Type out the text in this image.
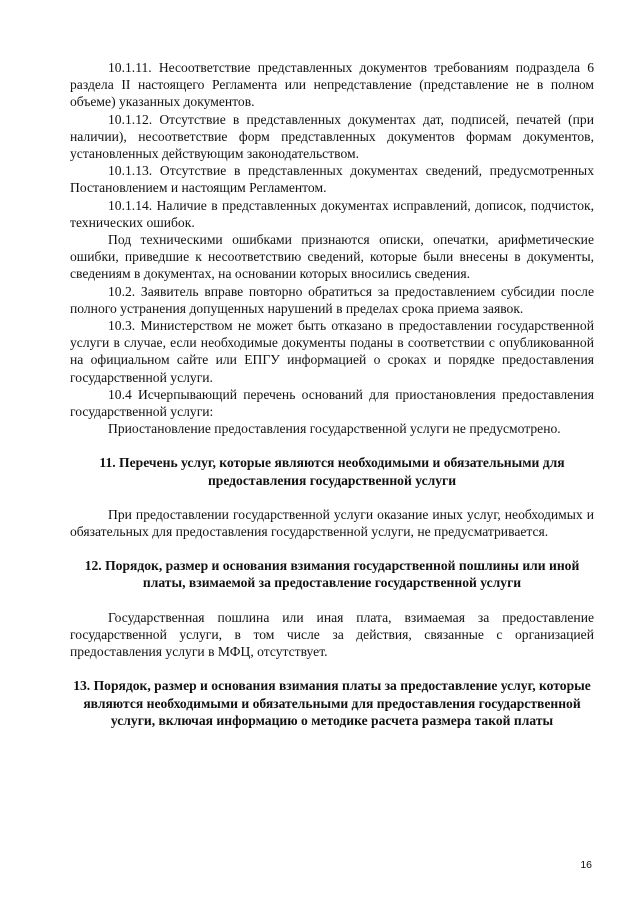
10.1.11. Несоответствие представленных документов требованиям подраздела 6 раздела II настоящего Регламента или непредставление (представление не в полном объеме) указанных документов.

10.1.12. Отсутствие в представленных документах дат, подписей, печатей (при наличии), несоответствие форм представленных документов формам документов, установленных действующим законодательством.

10.1.13. Отсутствие в представленных документах сведений, предусмотренных Постановлением и настоящим Регламентом.

10.1.14. Наличие в представленных документах исправлений, дописок, подчисток, технических ошибок.

Под техническими ошибками признаются описки, опечатки, арифметические ошибки, приведшие к несоответствию сведений, которые были внесены в документы, сведениям в документах, на основании которых вносились сведения.

10.2. Заявитель вправе повторно обратиться за предоставлением субсидии после полного устранения допущенных нарушений в пределах срока приема заявок.

10.3. Министерством не может быть отказано в предоставлении государственной услуги в случае, если необходимые документы поданы в соответствии с опубликованной на официальном сайте или ЕПГУ информацией о сроках и порядке предоставления государственной услуги.

10.4 Исчерпывающий перечень оснований для приостановления предоставления государственной услуги:

Приостановление предоставления государственной услуги не предусмотрено.

11. Перечень услуг, которые являются необходимыми и обязательными для предоставления государственной услуги

При предоставлении государственной услуги оказание иных услуг, необходимых и обязательных для предоставления государственной услуги, не предусматривается.

12. Порядок, размер и основания взимания государственной пошлины или иной платы, взимаемой за предоставление государственной услуги

Государственная пошлина или иная плата, взимаемая за предоставление государственной услуги, в том числе за действия, связанные с организацией предоставления услуги в МФЦ, отсутствует.

13. Порядок, размер и основания взимания платы за предоставление услуг, которые являются необходимыми и обязательными для предоставления государственной услуги, включая информацию о методике расчета размера такой платы

16
